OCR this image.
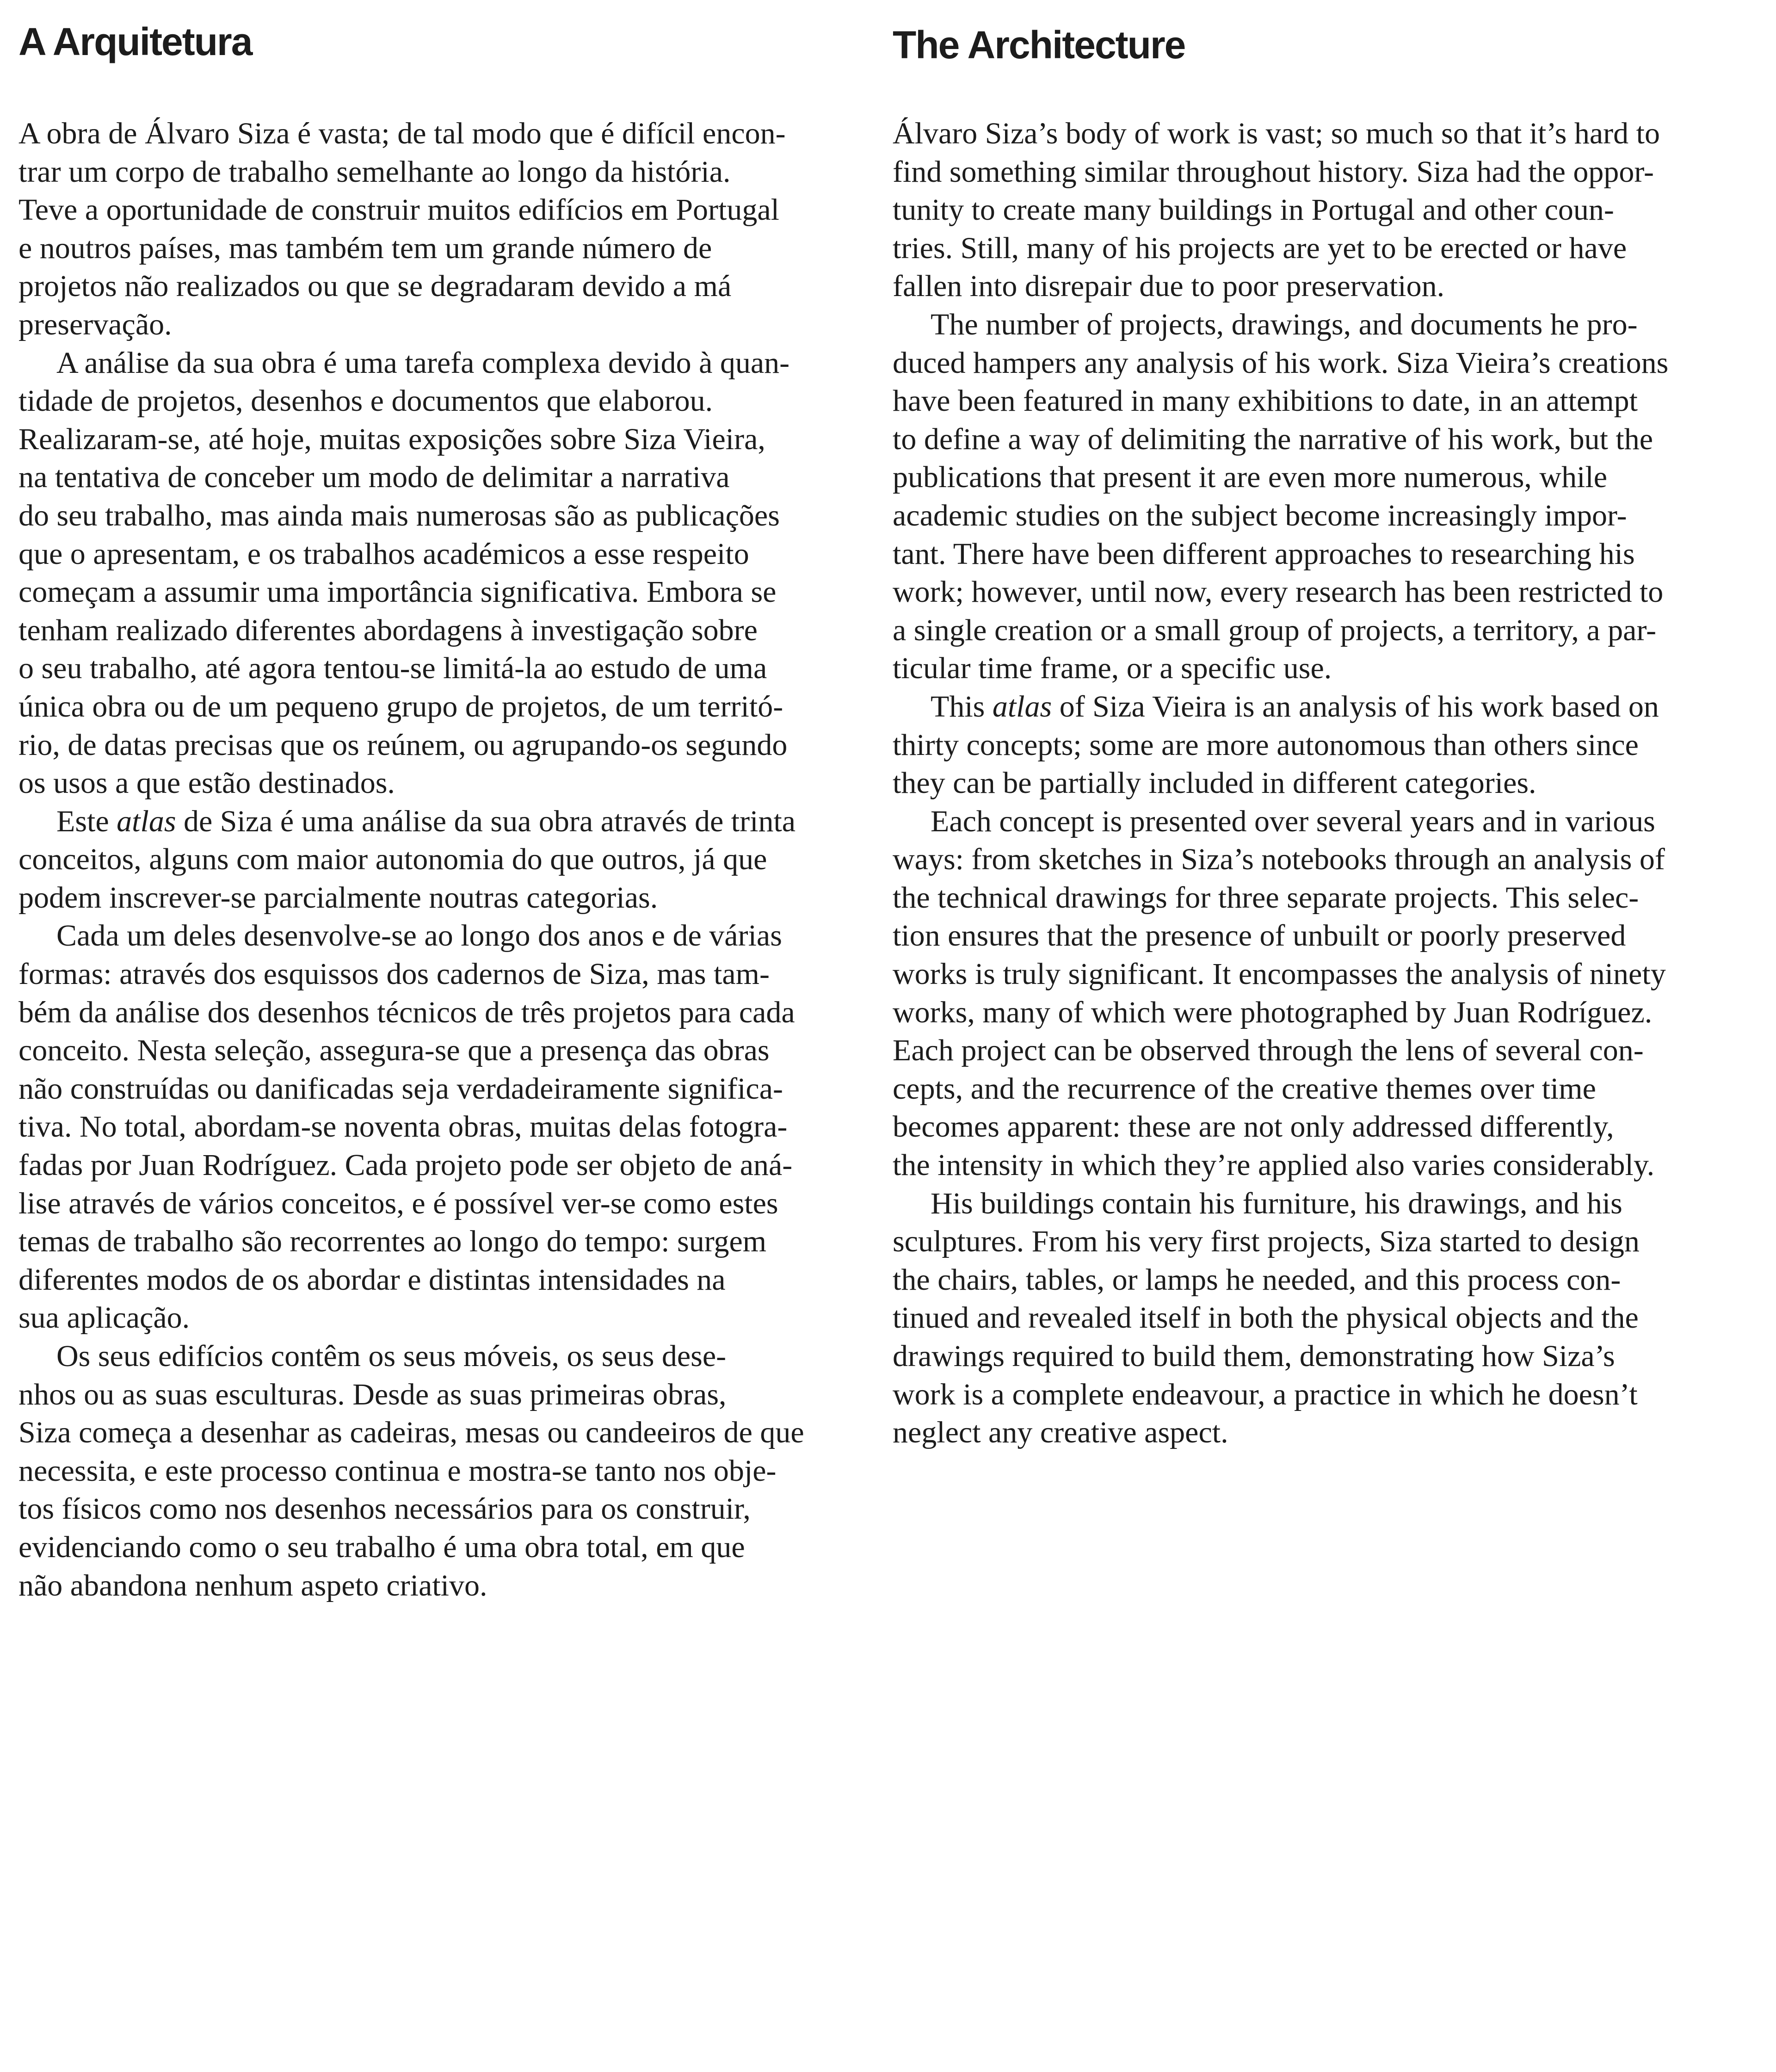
A Arquitetura
A obra de Álvaro Siza é vasta; de tal modo que é difícil encon-
trar um corpo de trabalho semelhante ao longo da história.
Teve a oportunidade de construir muitos edifícios em Portugal
e noutros países, mas também tem um grande número de
projetos não realizados ou que se degradaram devido a má
preservação.
A análise da sua obra é uma tarefa complexa devido à quan-
tidade de projetos, desenhos e documentos que elaborou.
Realizaram-se, até hoje, muitas exposições sobre Siza Vieira,
na tentativa de conceber um modo de delimitar a narrativa
do seu trabalho, mas ainda mais numerosas são as publicações
que o apresentam, e os trabalhos académicos a esse respeito
começam a assumir uma importância significativa. Embora se
tenham realizado diferentes abordagens à investigação sobre
o seu trabalho, até agora tentou-se limitá-la ao estudo de uma
única obra ou de um pequeno grupo de projetos, de um territó-
rio, de datas precisas que os reúnem, ou agrupando-os segundo
os usos a que estão destinados.
Este atlas de Siza é uma análise da sua obra através de trinta
conceitos, alguns com maior autonomia do que outros, já que
podem inscrever-se parcialmente noutras categorias.
Cada um deles desenvolve-se ao longo dos anos e de várias
formas: através dos esquissos dos cadernos de Siza, mas tam-
bém da análise dos desenhos técnicos de três projetos para cada
conceito. Nesta seleção, assegura-se que a presença das obras
não construídas ou danificadas seja verdadeiramente significa-
tiva. No total, abordam-se noventa obras, muitas delas fotogra-
fadas por Juan Rodríguez. Cada projeto pode ser objeto de aná-
lise através de vários conceitos, e é possível ver-se como estes
temas de trabalho são recorrentes ao longo do tempo: surgem
diferentes modos de os abordar e distintas intensidades na
sua aplicação.
Os seus edifícios contêm os seus móveis, os seus dese-
nhos ou as suas esculturas. Desde as suas primeiras obras,
Siza começa a desenhar as cadeiras, mesas ou candeeiros de que
necessita, e este processo continua e mostra-se tanto nos obje-
tos físicos como nos desenhos necessários para os construir,
evidenciando como o seu trabalho é uma obra total, em que
não abandona nenhum aspeto criativo.
The Architecture
Álvaro Siza’s body of work is vast; so much so that it’s hard to
find something similar throughout history. Siza had the oppor-
tunity to create many buildings in Portugal and other coun-
tries. Still, many of his projects are yet to be erected or have
fallen into disrepair due to poor preservation.
The number of projects, drawings, and documents he pro-
duced hampers any analysis of his work. Siza Vieira’s creations
have been featured in many exhibitions to date, in an attempt
to define a way of delimiting the narrative of his work, but the
publications that present it are even more numerous, while
academic studies on the subject become increasingly impor-
tant. There have been different approaches to researching his
work; however, until now, every research has been restricted to
a single creation or a small group of projects, a territory, a par-
ticular time frame, or a specific use.
This atlas of Siza Vieira is an analysis of his work based on
thirty concepts; some are more autonomous than others since
they can be partially included in different categories.
Each concept is presented over several years and in various
ways: from sketches in Siza’s notebooks through an analysis of
the technical drawings for three separate projects. This selec-
tion ensures that the presence of unbuilt or poorly preserved
works is truly significant. It encompasses the analysis of ninety
works, many of which were photographed by Juan Rodríguez.
Each project can be observed through the lens of several con-
cepts, and the recurrence of the creative themes over time
becomes apparent: these are not only addressed differently,
the intensity in which they’re applied also varies considerably.
His buildings contain his furniture, his drawings, and his
sculptures. From his very first projects, Siza started to design
the chairs, tables, or lamps he needed, and this process con-
tinued and revealed itself in both the physical objects and the
drawings required to build them, demonstrating how Siza’s
work is a complete endeavour, a practice in which he doesn’t
neglect any creative aspect.
